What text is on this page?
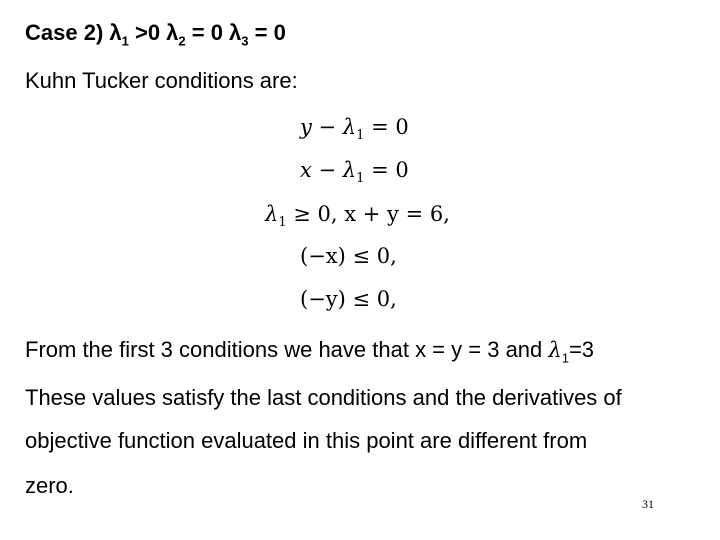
Case 2) $\lambda_1 >0$ $\lambda_2 = 0$ $\lambda_3 = 0$
Kuhn Tucker conditions are:
$y - \lambda_1 = 0$
$x - \lambda_1 = 0$
$\lambda_1 \ge 0$, x + y = 6,
(−x) ≤ 0,
(−y) ≤ 0,
From the first 3 conditions we have that x = y = 3 and $\lambda_1=3$
These values satisfy the last conditions and the derivatives of
objective function evaluated in this point are different from
zero.
31
